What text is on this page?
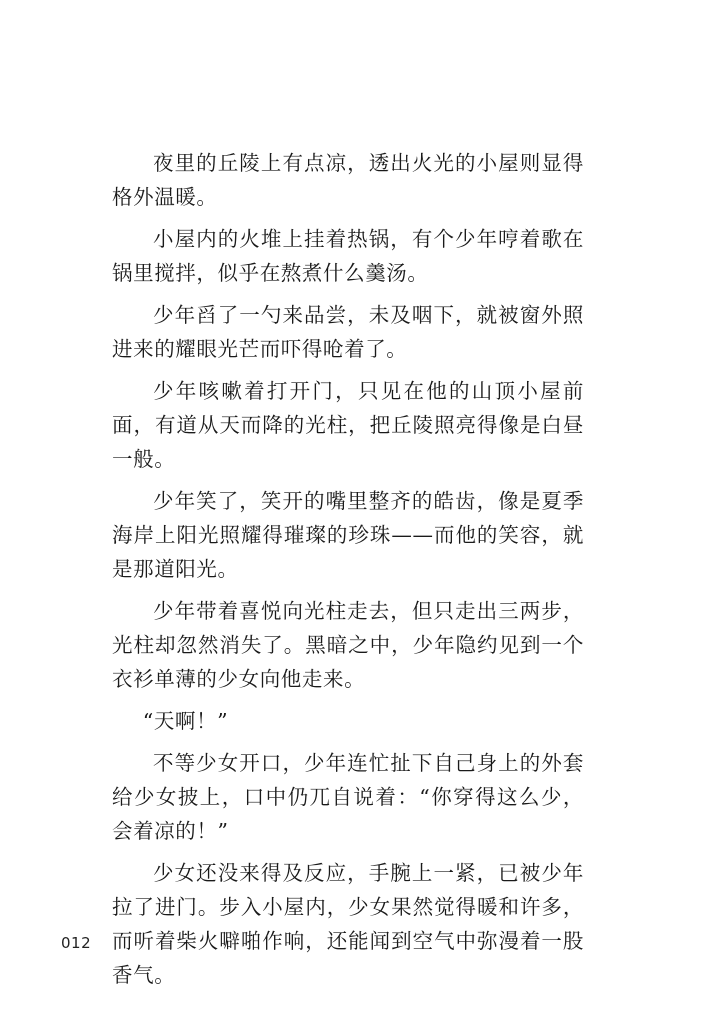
夜里的丘陵上有点凉，透出火光的小屋则显得格外温暖。

小屋内的火堆上挂着热锅，有个少年哼着歌在锅里搅拌，似乎在熬煮什么羹汤。

少年舀了一勺来品尝，未及咽下，就被窗外照进来的耀眼光芒而吓得呛着了。

少年咳嗽着打开门，只见在他的山顶小屋前面，有道从天而降的光柱，把丘陵照亮得像是白昼一般。

少年笑了，笑开的嘴里整齐的皓齿，像是夏季海岸上阳光照耀得璀璨的珍珠——而他的笑容，就是那道阳光。

少年带着喜悦向光柱走去，但只走出三两步，光柱却忽然消失了。黑暗之中，少年隐约见到一个衣衫单薄的少女向他走来。

“天啊！”

不等少女开口，少年连忙扯下自己身上的外套给少女披上，口中仍兀自说着：“你穿得这么少，会着凉的！”

少女还没来得及反应，手腕上一紧，已被少年拉了进门。步入小屋内，少女果然觉得暖和许多，而听着柴火噼啪作响，还能闻到空气中弥漫着一股香气。

012
